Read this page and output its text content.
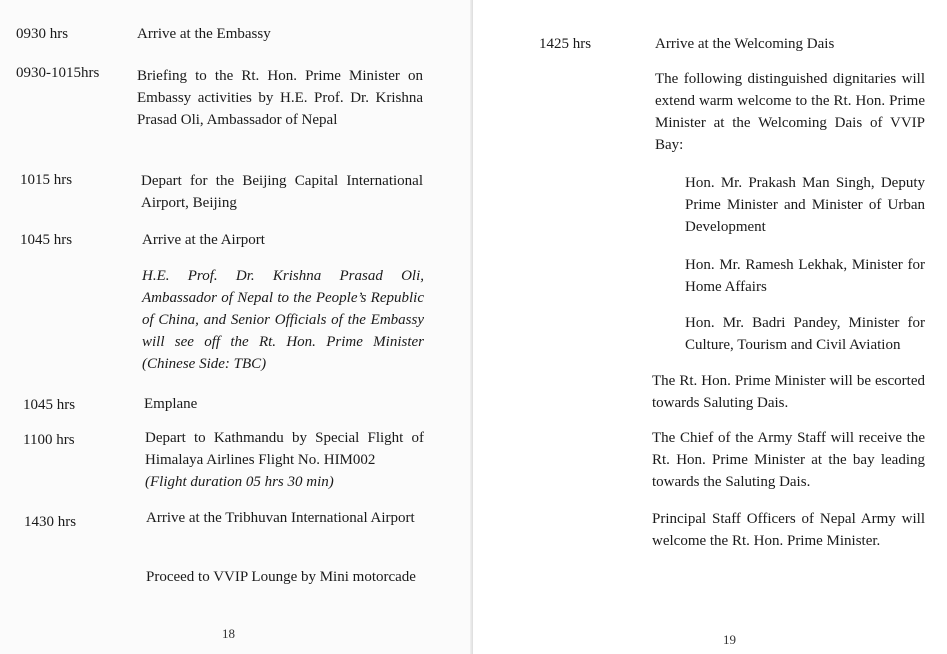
0930 hrs	Arrive at the Embassy
0930-1015hrs	Briefing to the Rt. Hon. Prime Minister on Embassy activities by H.E. Prof. Dr. Krishna Prasad Oli, Ambassador of Nepal
1015 hrs	Depart for the Beijing Capital International Airport, Beijing
1045 hrs	Arrive at the Airport
H.E. Prof. Dr. Krishna Prasad Oli, Ambassador of Nepal to the People’s Republic of China, and Senior Officials of the Embassy will see off the Rt. Hon. Prime Minister (Chinese Side: TBC)
1045 hrs	Emplane
1100 hrs	Depart to Kathmandu by Special Flight of Himalaya Airlines Flight No. HIM002
(Flight duration 05 hrs 30 min)
1430 hrs	Arrive at the Tribhuvan International Airport
Proceed to VVIP Lounge by Mini motorcade
18
1425 hrs	Arrive at the Welcoming Dais
The following distinguished dignitaries will extend warm welcome to the Rt. Hon. Prime Minister at the Welcoming Dais of VVIP Bay:
Hon. Mr. Prakash Man Singh, Deputy Prime Minister and Minister of Urban Development
Hon. Mr. Ramesh Lekhak, Minister for Home Affairs
Hon. Mr. Badri Pandey, Minister for Culture, Tourism and Civil Aviation
The Rt. Hon. Prime Minister will be escorted towards Saluting Dais.
The Chief of the Army Staff will receive the Rt. Hon. Prime Minister at the bay leading towards the Saluting Dais.
Principal Staff Officers of Nepal Army will welcome the Rt. Hon. Prime Minister.
19
